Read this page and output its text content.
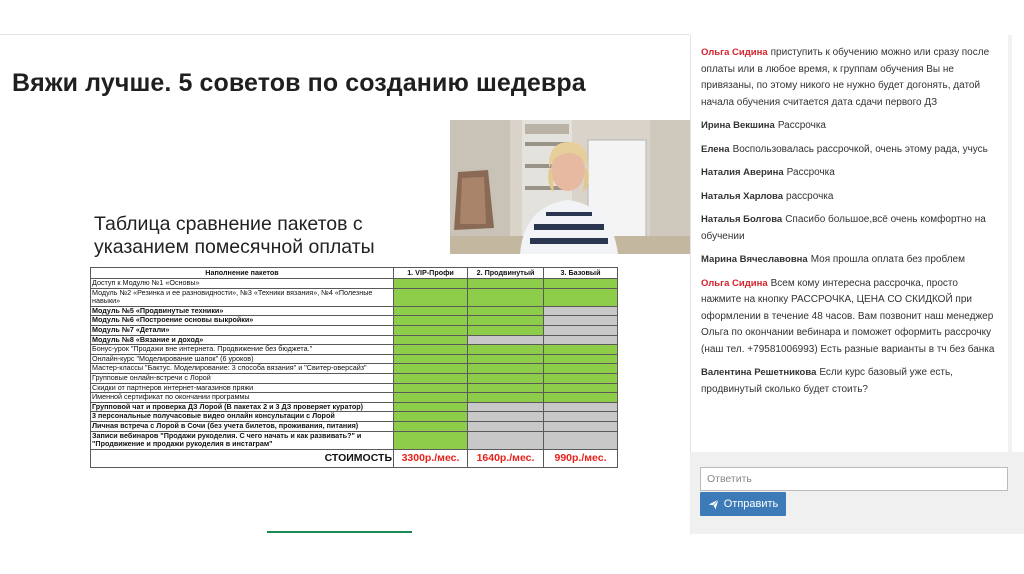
Вяжи лучше. 5 советов по созданию шедевра
Таблица сравнение пакетов с
указанием помесячной оплаты
Наполнение пакетов	1. VIP-Профи	2. Продвинутый	3. Базовый
Доступ к Модулю №1 «Основы»			
Модуль №2 «Резинка и ее разновидности», №3 «Техники вязания», №4 «Полезные навыки»			
Модуль №5 «Продвинутые техники»			
Модуль №6 «Построение основы выкройки»			
Модуль №7 «Детали»			
Модуль №8 «Вязание и доход»			
Бонус-урок "Продажи вне интернета. Продвижение без бюджета."			
Онлайн-курс "Моделирование шапок" (6 уроков)			
Мастер-классы "Бактус. Моделирование: 3 способа вязания" и "Свитер-оверсайз"			
Групповые онлайн-встречи с Лорой			
Скидки от партнеров интернет-магазинов пряжи			
Именной сертификат по окончании программы			
Групповой чат и проверка ДЗ Лорой (В пакетах 2 и 3 ДЗ проверяет куратор)			
3 персональные получасовые видео онлайн консультации с Лорой			
Личная встреча с Лорой в Сочи (без учета билетов, проживания, питания)			
Записи вебинаров "Продажи рукоделия. С чего начать и как развивать?" и "Продвижение и продажи рукоделия в инстаграм"			
СТОИМОСТЬ	3300р./мес.	1640р./мес.	990р./мес.
Ольга Сидина приступить к обучению можно или сразу после оплаты или в любое время, к группам обучения Вы не привязаны, по этому никого не нужно будет догонять, датой начала обучения считается дата сдачи первого ДЗ
Ирина Векшина Рассрочка
Елена Воспользовалась рассрочкой, очень этому рада, учусь
Наталия Аверина Рассрочка
Наталья Харлова рассрочка
Наталья Болгова Спасибо большое,всё очень комфортно на обучении
Марина Вячеславовна Моя прошла оплата без проблем
Ольга Сидина Всем кому интересна рассрочка, просто нажмите на кнопку РАССРОЧКА, ЦЕНА СО СКИДКОЙ при оформлении в течение 48 часов. Вам позвонит наш менеджер Ольга по окончании вебинара и поможет оформить рассрочку (наш тел. +79581006993) Есть разные варианты в тч без банка
Валентина Решетникова Если курс базовый уже есть, продвинутый сколько будет стоить?
Ответить
Отправить
